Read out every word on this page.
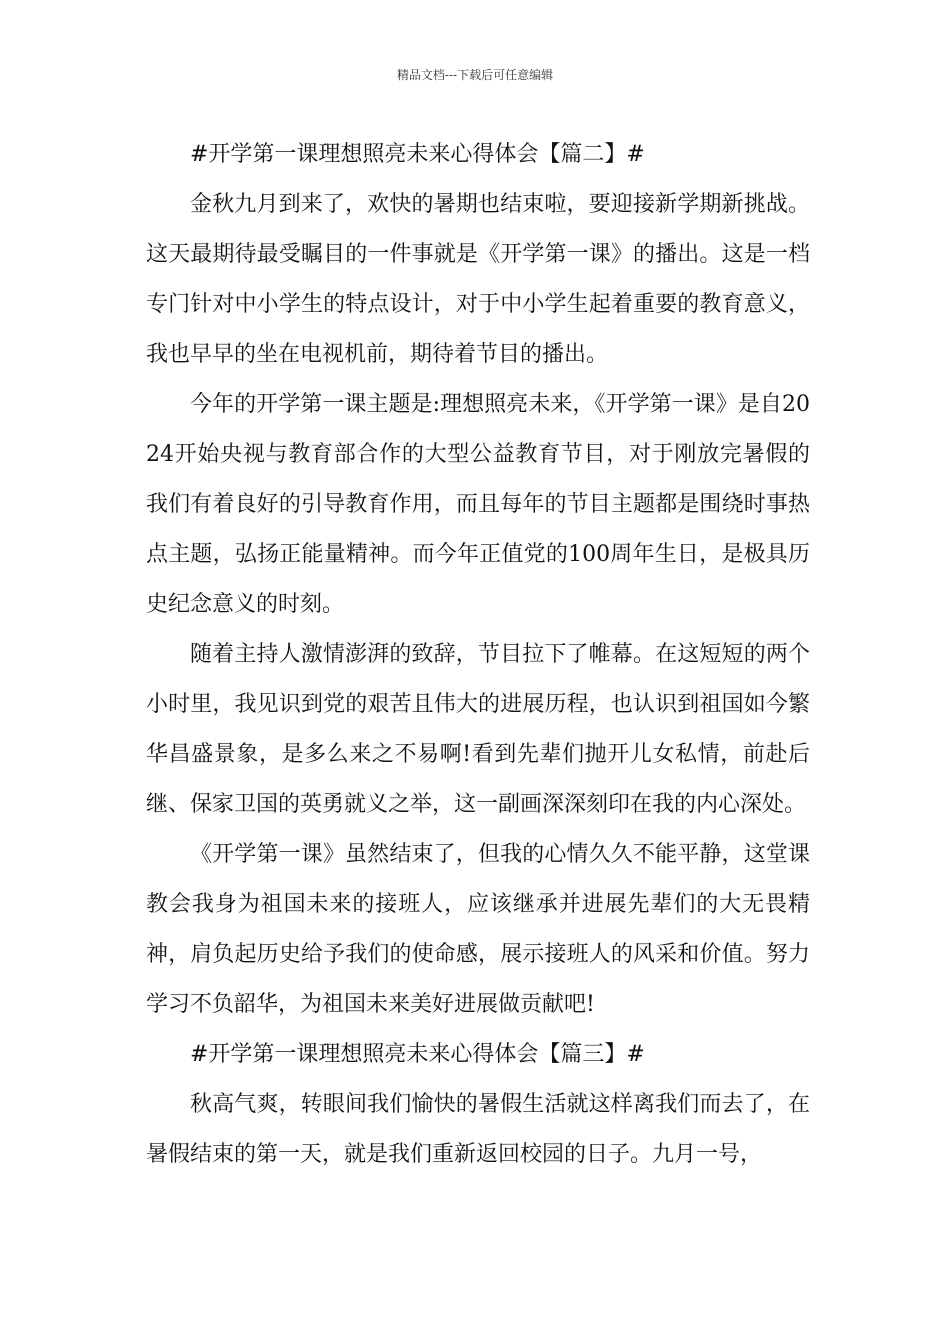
精品文档---下载后可任意编辑

#开学第一课理想照亮未来心得体会【篇二】#

金秋九月到来了，欢快的暑期也结束啦，要迎接新学期新挑战。这天最期待最受瞩目的一件事就是《开学第一课》的播出。这是一档专门针对中小学生的特点设计，对于中小学生起着重要的教育意义，我也早早的坐在电视机前，期待着节目的播出。

今年的开学第一课主题是:理想照亮未来，《开学第一课》是自2024开始央视与教育部合作的大型公益教育节目，对于刚放完暑假的我们有着良好的引导教育作用，而且每年的节目主题都是围绕时事热点主题，弘扬正能量精神。而今年正值党的100周年生日，是极具历史纪念意义的时刻。

随着主持人激情澎湃的致辞，节目拉下了帷幕。在这短短的两个小时里，我见识到党的艰苦且伟大的进展历程，也认识到祖国如今繁华昌盛景象，是多么来之不易啊!看到先辈们抛开儿女私情，前赴后继、保家卫国的英勇就义之举，这一副画深深刻印在我的内心深处。

《开学第一课》虽然结束了，但我的心情久久不能平静，这堂课教会我身为祖国未来的接班人，应该继承并进展先辈们的大无畏精神，肩负起历史给予我们的使命感，展示接班人的风采和价值。努力学习不负韶华，为祖国未来美好进展做贡献吧!

#开学第一课理想照亮未来心得体会【篇三】#

秋高气爽，转眼间我们愉快的暑假生活就这样离我们而去了，在暑假结束的第一天，就是我们重新返回校园的日子。九月一号，
